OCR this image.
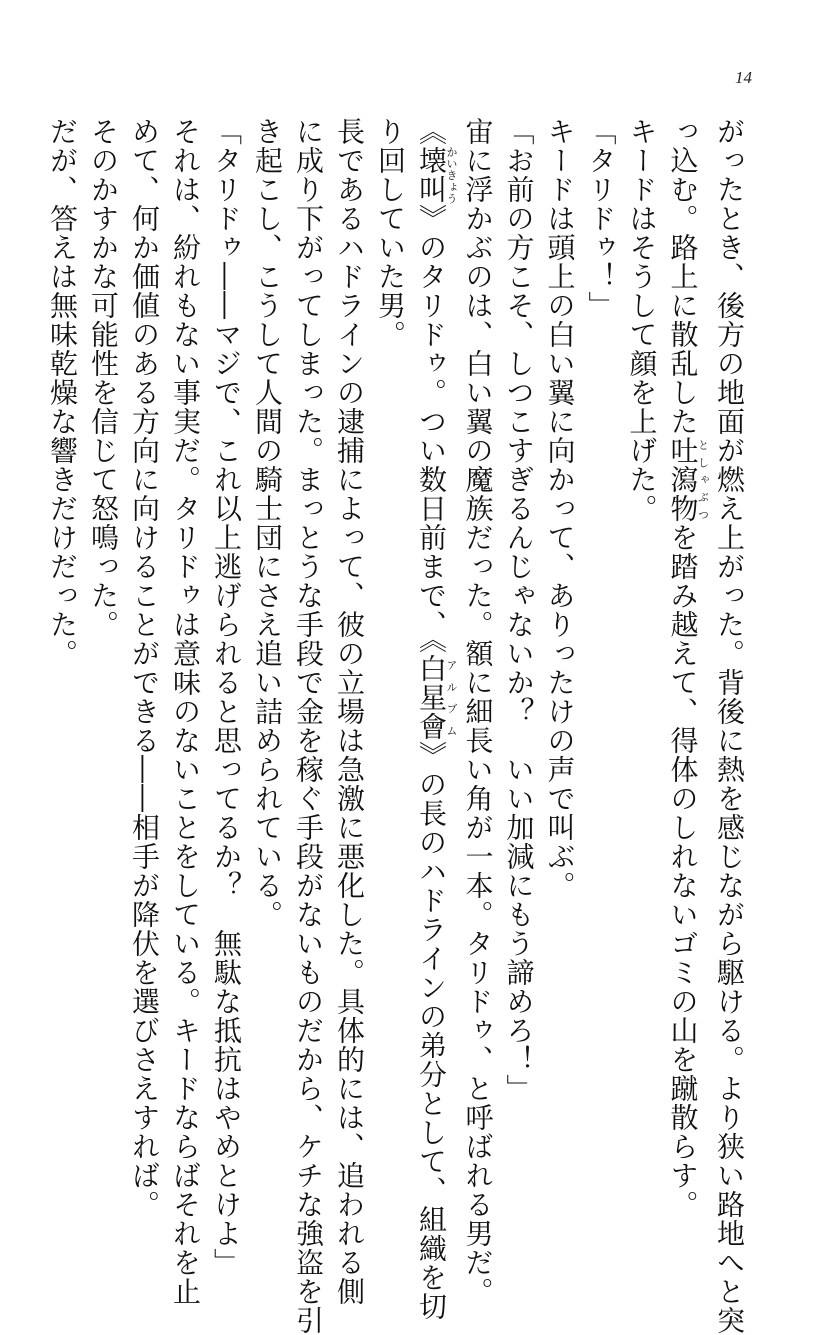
14
がったとき、後方の地面が燃え上がった。背後に熱を感じながら駆ける。より狭い路地へと突
っ込む。路上に散乱した吐瀉物としゃぶつを踏み越えて、得体のしれないゴミの山を蹴散らす。
キードはそうして顔を上げた。
「タリドゥ！」
キードは頭上の白い翼に向かって、ありったけの声で叫ぶ。
「お前の方こそ、しつこすぎるんじゃないか？　いい加減にもう諦めろ！」
宙に浮かぶのは、白い翼の魔族だった。額に細長い角が一本。タリドゥ、と呼ばれる男だ。
《壊叫かいきょう》のタリドゥ。つい数日前まで、《白星會アルブム》の長のハドラインの弟分として、組織を切
り回していた男。
長であるハドラインの逮捕によって、彼の立場は急激に悪化した。具体的には、追われる側
に成り下がってしまった。まっとうな手段で金を稼ぐ手段がないものだから、ケチな強盗を引
き起こし、こうして人間の騎士団にさえ追い詰められている。
「タリドゥ――マジで、これ以上逃げられると思ってるか？　無駄な抵抗はやめとけよ」
それは、紛れもない事実だ。タリドゥは意味のないことをしている。キードならばそれを止
めて、何か価値のある方向に向けることができる――相手が降伏を選びさえすれば。
そのかすかな可能性を信じて怒鳴った。
だが、答えは無味乾燥な響きだけだった。
